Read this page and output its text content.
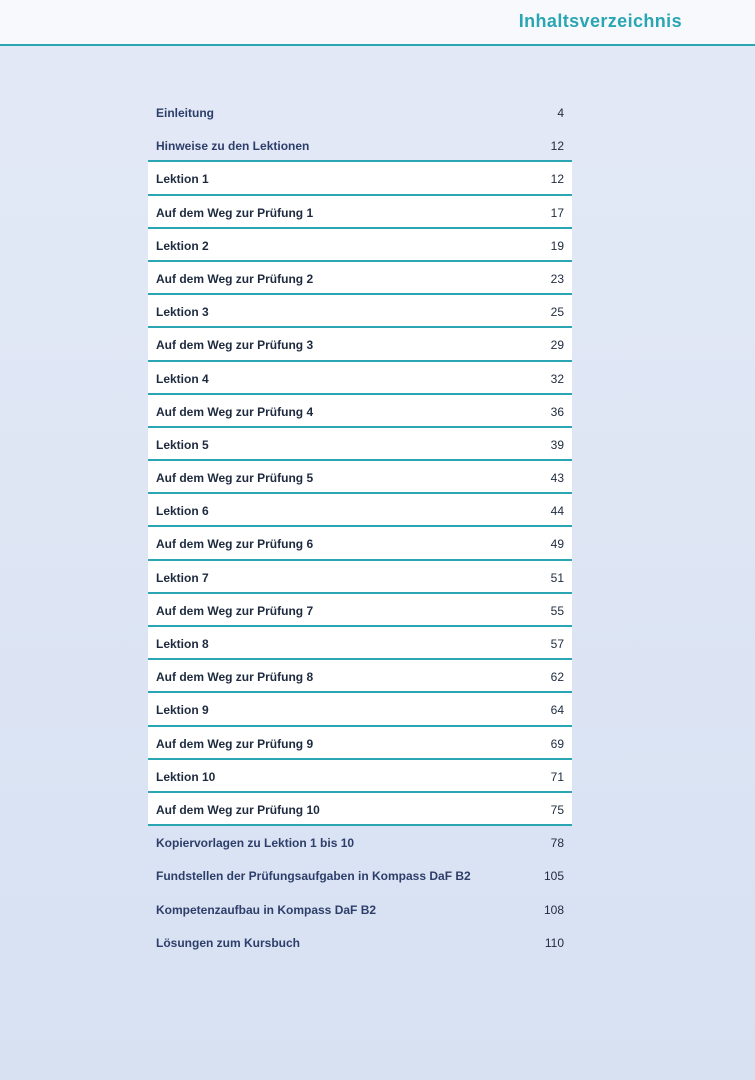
Inhaltsverzeichnis
Einleitung	4
Hinweise zu den Lektionen	12
Lektion 1	12
Auf dem Weg zur Prüfung 1	17
Lektion 2	19
Auf dem Weg zur Prüfung 2	23
Lektion 3	25
Auf dem Weg zur Prüfung 3	29
Lektion 4	32
Auf dem Weg zur Prüfung 4	36
Lektion 5	39
Auf dem Weg zur Prüfung 5	43
Lektion 6	44
Auf dem Weg zur Prüfung 6	49
Lektion 7	51
Auf dem Weg zur Prüfung 7	55
Lektion 8	57
Auf dem Weg zur Prüfung 8	62
Lektion 9	64
Auf dem Weg zur Prüfung 9	69
Lektion 10	71
Auf dem Weg zur Prüfung 10	75
Kopiervorlagen zu Lektion 1 bis 10	78
Fundstellen der Prüfungsaufgaben in Kompass DaF B2	105
Kompetenzaufbau in Kompass DaF B2	108
Lösungen zum Kursbuch	110
